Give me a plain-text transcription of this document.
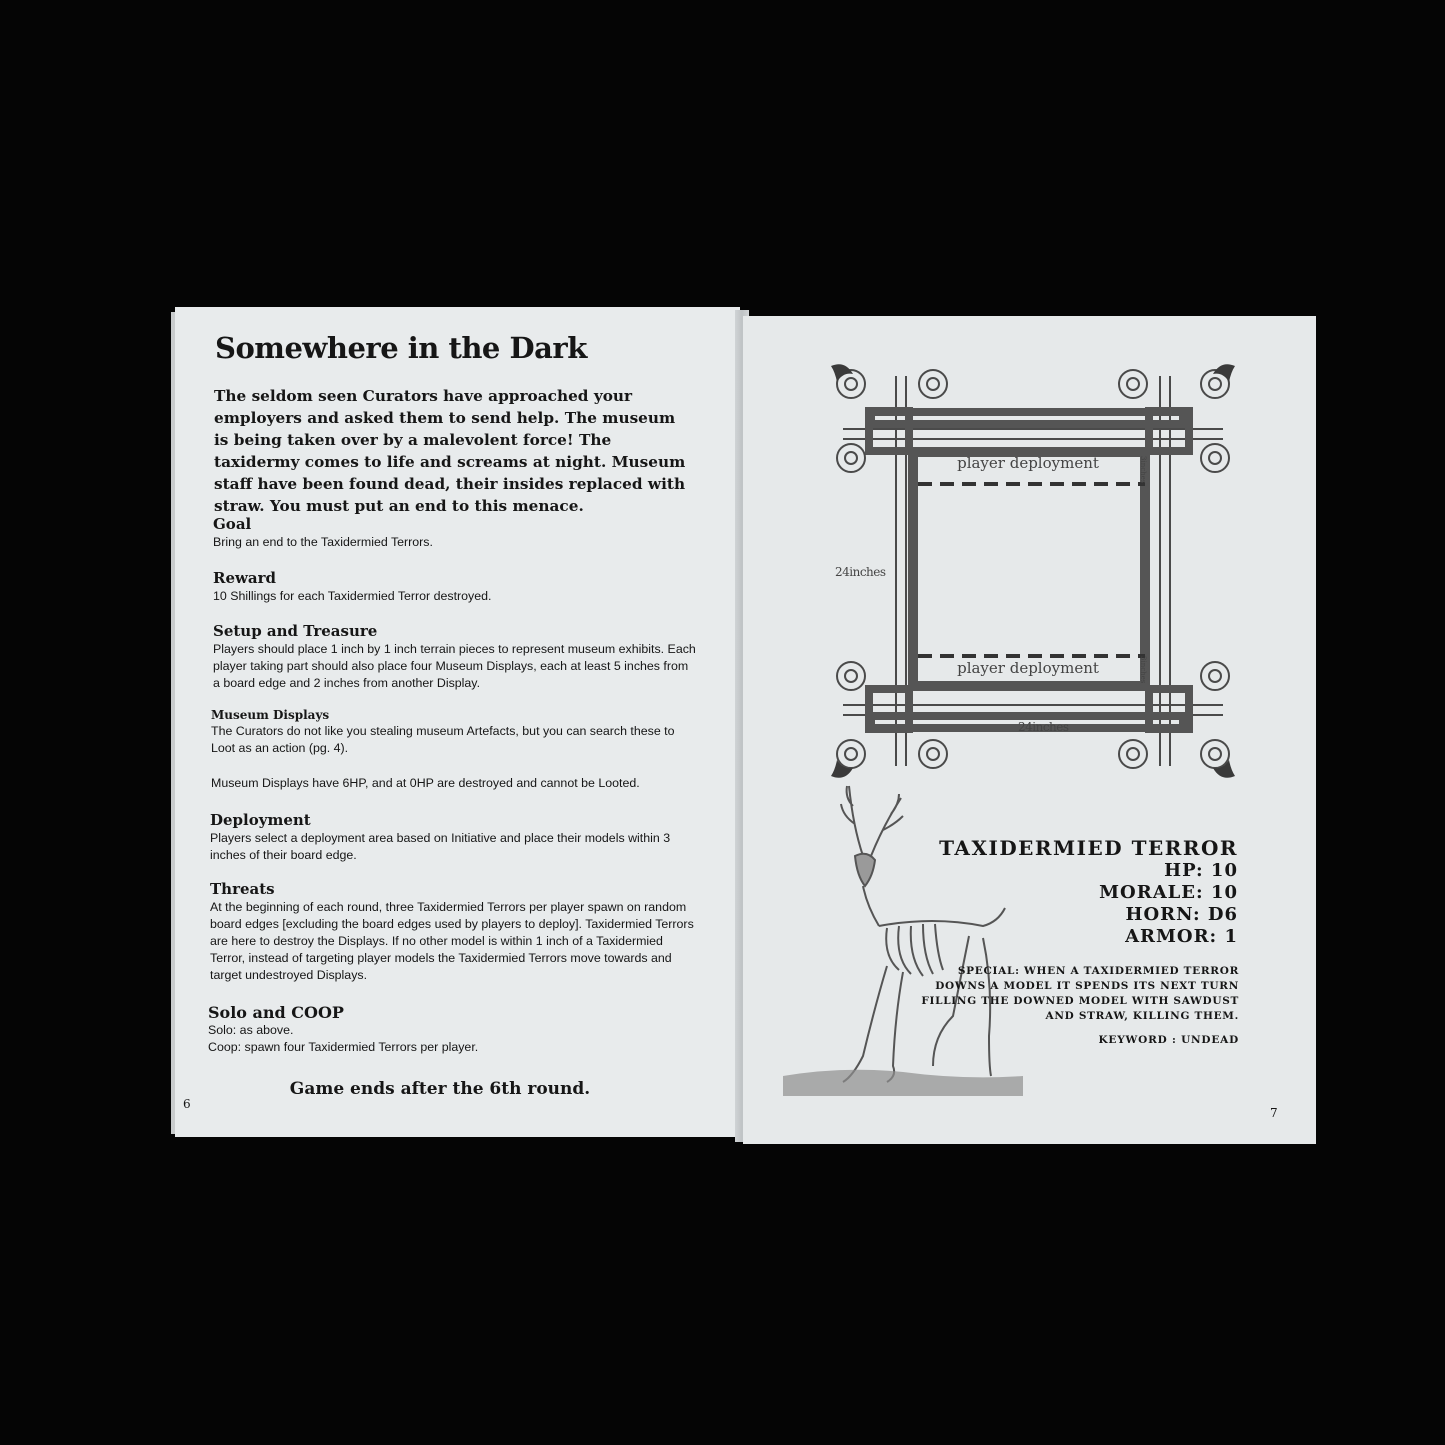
Somewhere in the Dark

The seldom seen Curators have approached your employers and asked them to send help. The museum is being taken over by a malevolent force! The taxidermy comes to life and screams at night. Museum staff have been found dead, their insides replaced with straw. You must put an end to this menace.

Goal

Bring an end to the Taxidermied Terrors.

Reward

10 Shillings for each Taxidermied Terror destroyed.

Setup and Treasure

Players should place 1 inch by 1 inch terrain pieces to represent museum exhibits. Each player taking part should also place four Museum Displays, each at least 5 inches from a board edge and 2 inches from another Display.

Museum Displays

The Curators do not like you stealing museum Artefacts, but you can search these to Loot as an action (pg. 4).

Museum Displays have 6HP, and at 0HP are destroyed and cannot be Looted.

Deployment

Players select a deployment area based on Initiative and place their models within 3 inches of their board edge.

Threats

At the beginning of each round, three Taxidermied Terrors per player spawn on random board edges [excluding the board edges used by players to deploy]. Taxidermied Terrors are here to destroy the Displays. If no other model is within 1 inch of a Taxidermied Terror, instead of targeting player models the Taxidermied Terrors move towards and target undestroyed Displays.

Solo and COOP

Solo: as above.

Coop: spawn four Taxidermied Terrors per player.

Game ends after the 6th round.
6
player deployment
player deployment
24inches
24inches
3inches
3inches
TAXIDERMIED TERROR
HP: 10
MORALE: 10
HORN: D6
ARMOR: 1
SPECIAL: WHEN A TAXIDERMIED TERROR DOWNS A MODEL IT SPENDS ITS NEXT TURN FILLING THE DOWNED MODEL WITH SAWDUST AND STRAW, KILLING THEM.
KEYWORD : UNDEAD
7
